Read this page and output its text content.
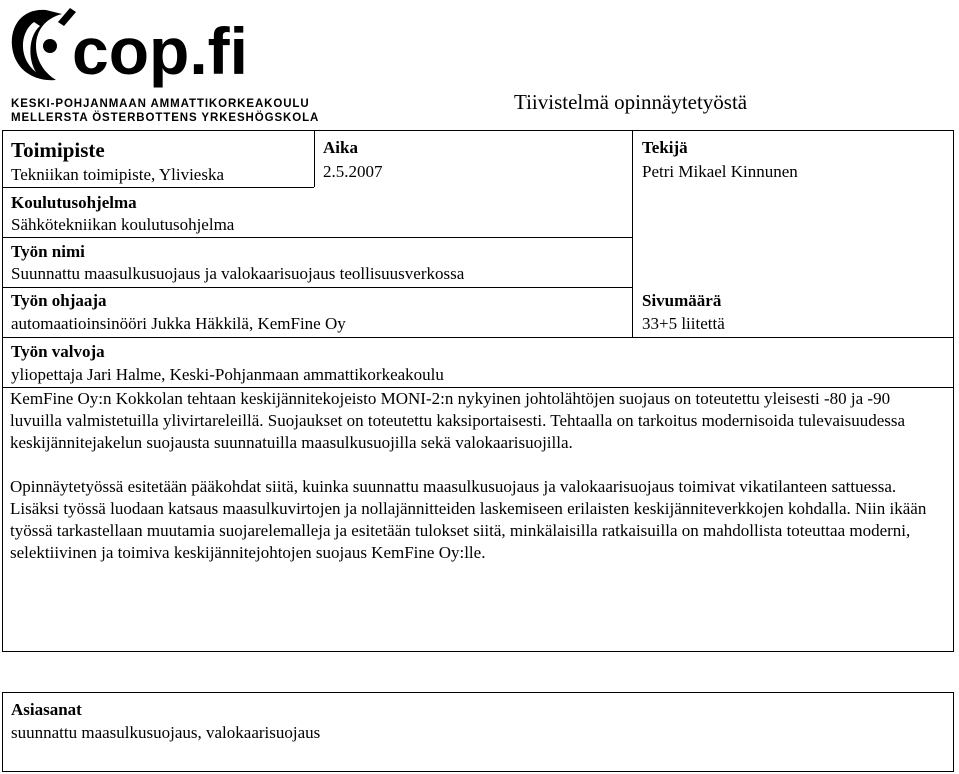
cop.fi
KESKI-POHJANMAAN AMMATTIKORKEAKOULU
MELLERSTA ÖSTERBOTTENS YRKESHÖGSKOLA
Tiivistelmä opinnäytetyöstä
Toimipiste
Tekniikan toimipiste, Ylivieska
Aika
2.5.2007
Tekijä
Petri Mikael Kinnunen
Koulutusohjelma
Sähkötekniikan koulutusohjelma
Työn nimi
Suunnattu maasulkusuojaus ja valokaarisuojaus teollisuusverkossa
Työn ohjaaja
automaatioinsinööri Jukka Häkkilä, KemFine Oy
Sivumäärä
33+5 liitettä
Työn valvoja
yliopettaja Jari Halme, Keski-Pohjanmaan ammattikorkeakoulu

KemFine Oy:n Kokkolan tehtaan keskijännitekojeisto MONI-2:n nykyinen johtolähtöjen suojaus on toteutettu yleisesti -80 ja -90 luvuilla valmistetuilla ylivirtareleillä. Suojaukset on toteutettu kaksiportaisesti. Tehtaalla on tarkoitus modernisoida tulevaisuudessa keskijännitejakelun suojausta suunnatuilla maasulkusuojilla sekä valokaarisuojilla.

Opinnäytetyössä esitetään pääkohdat siitä, kuinka suunnattu maasulkusuojaus ja valokaarisuojaus toimivat vikatilanteen sattuessa. Lisäksi työssä luodaan katsaus maasulkuvirtojen ja nollajännitteiden laskemiseen erilaisten keskijänniteverkkojen kohdalla. Niin ikään työssä tarkastellaan muutamia suojarelemalleja ja esitetään tulokset siitä, minkälaisilla ratkaisuilla on mahdollista toteuttaa moderni, selektiivinen ja toimiva keskijännitejohtojen suojaus KemFine Oy:lle.

Asiasanat
suunnattu maasulkusuojaus, valokaarisuojaus
